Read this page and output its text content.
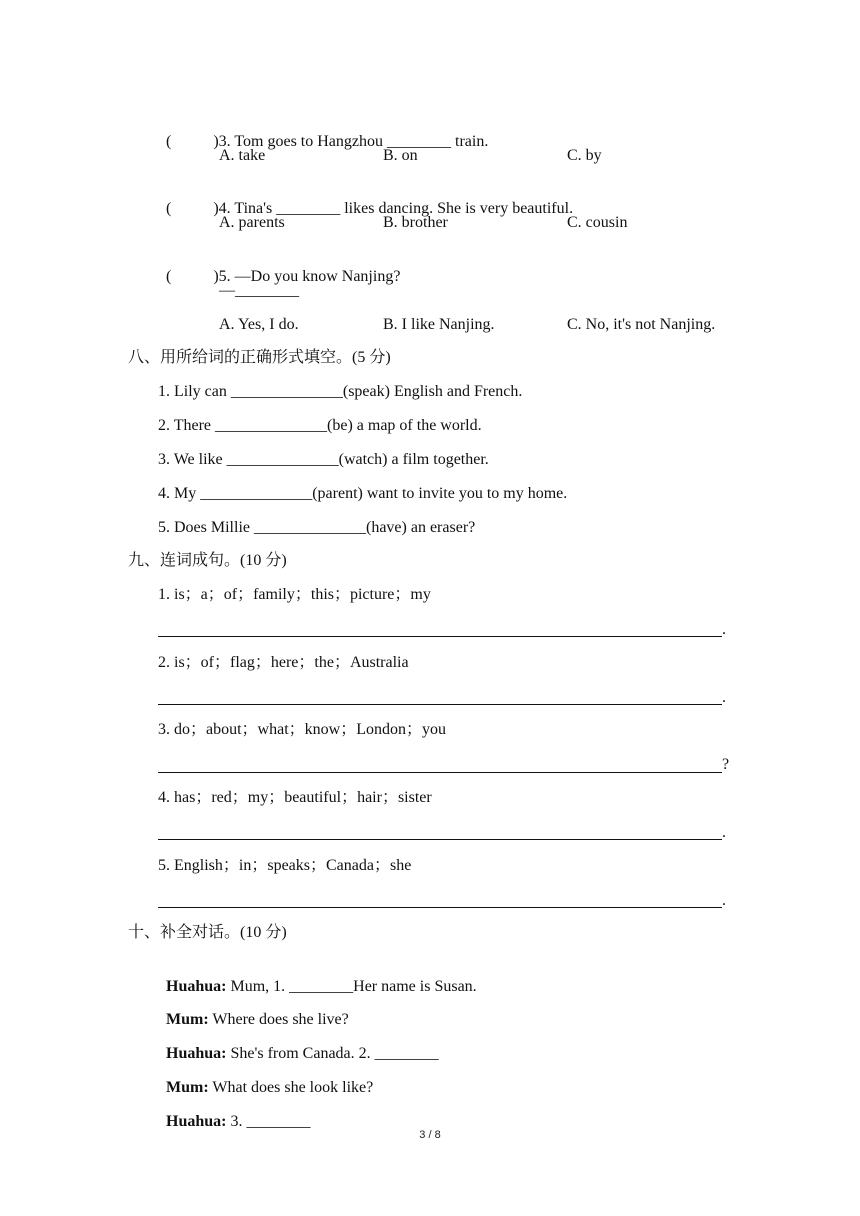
(	)3. Tom goes to Hangzhou ________ train.

A. take	B. on	C. by

(	)4. Tina's ________ likes dancing. She is very beautiful.

A. parents	B. brother	C. cousin

(	)5. —Do you know Nanjing?

—________
A. Yes, I do.	B. I like Nanjing.	C. No, it's not Nanjing.
八、用所给词的正确形式填空。(5 分)
1. Lily can ______________(speak) English and French.
2. There ______________(be) a map of the world.
3. We like ______________(watch) a film together.
4. My ______________(parent) want to invite you to my home.
5. Does Millie ______________(have) an eraser?
九、连词成句。(10 分)
1. is；a；of；family；this；picture；my
.
2. is；of；flag；here；the；Australia
.
3. do；about；what；know；London；you
?
4. has；red；my；beautiful；hair；sister
.
5. English；in；speaks；Canada；she
.
十、补全对话。(10 分)

Huahua: Mum, 1. ________Her name is Susan.

Mum: Where does she live?

Huahua: She's from Canada. 2. ________

Mum: What does she look like?

Huahua: 3. ________

3 / 8
